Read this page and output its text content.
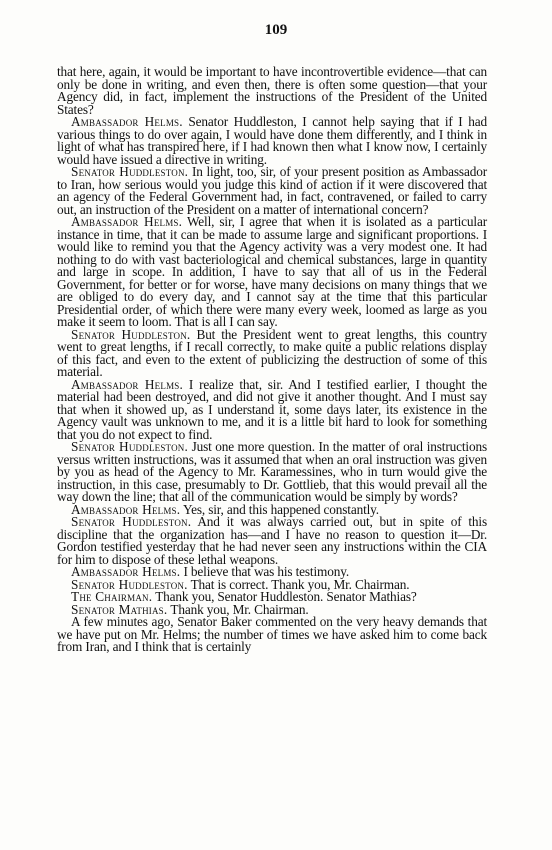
109

that here, again, it would be important to have incontrovertible evidence—that can only be done in writing, and even then, there is often some question—that your Agency did, in fact, implement the instructions of the President of the United States?

Ambassador Helms. Senator Huddleston, I cannot help saying that if I had various things to do over again, I would have done them differently, and I think in light of what has transpired here, if I had known then what I know now, I certainly would have issued a directive in writing.

Senator Huddleston. In light, too, sir, of your present position as Ambassador to Iran, how serious would you judge this kind of action if it were discovered that an agency of the Federal Government had, in fact, contravened, or failed to carry out, an instruction of the President on a matter of international concern?

Ambassador Helms. Well, sir, I agree that when it is isolated as a particular instance in time, that it can be made to assume large and significant proportions. I would like to remind you that the Agency activity was a very modest one. It had nothing to do with vast bacteriological and chemical substances, large in quantity and large in scope. In addition, I have to say that all of us in the Federal Government, for better or for worse, have many decisions on many things that we are obliged to do every day, and I cannot say at the time that this particular Presidential order, of which there were many every week, loomed as large as you make it seem to loom. That is all I can say.

Senator Huddleston. But the President went to great lengths, this country went to great lengths, if I recall correctly, to make quite a public relations display of this fact, and even to the extent of publicizing the destruction of some of this material.

Ambassador Helms. I realize that, sir. And I testified earlier, I thought the material had been destroyed, and did not give it another thought. And I must say that when it showed up, as I understand it, some days later, its existence in the Agency vault was unknown to me, and it is a little bit hard to look for something that you do not expect to find.

Senator Huddleston. Just one more question. In the matter of oral instructions versus written instructions, was it assumed that when an oral instruction was given by you as head of the Agency to Mr. Karamessines, who in turn would give the instruction, in this case, presumably to Dr. Gottlieb, that this would prevail all the way down the line; that all of the communication would be simply by words?

Ambassador Helms. Yes, sir, and this happened constantly.

Senator Huddleston. And it was always carried out, but in spite of this discipline that the organization has—and I have no reason to question it—Dr. Gordon testified yesterday that he had never seen any instructions within the CIA for him to dispose of these lethal weapons.

Ambassador Helms. I believe that was his testimony.

Senator Huddleston. That is correct. Thank you, Mr. Chairman.

The Chairman. Thank you, Senator Huddleston. Senator Mathias?

Senator Mathias. Thank you, Mr. Chairman.

A few minutes ago, Senator Baker commented on the very heavy demands that we have put on Mr. Helms; the number of times we have asked him to come back from Iran, and I think that is certainly
